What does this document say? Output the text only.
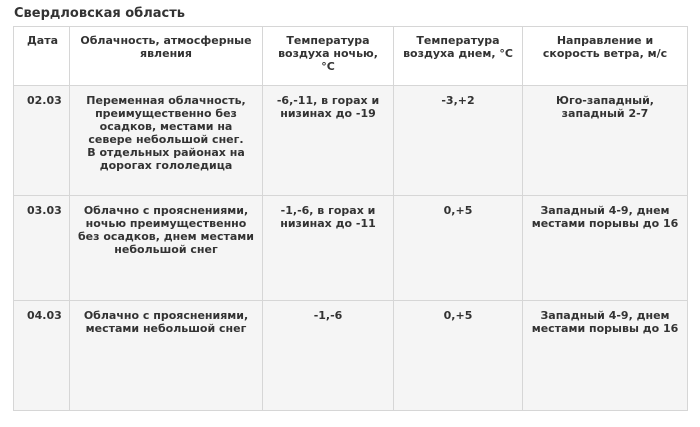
Свердловская область
Дата	Облачность, атмосферные явления	Температура воздуха ночью, °С	Температура воздуха днем, °С	Направление и скорость ветра, м/с

02.03	Переменная облачность, преимущественно без осадков, местами на севере небольшой снег. В отдельных районах на дорогах гололедица	-6,-11, в горах и низинах до -19	-3,+2	Юго-западный, западный 2-7

03.03	Облачно с прояснениями, ночью преимущественно без осадков, днем местами небольшой снег	-1,-6, в горах и низинах до -11	0,+5	Западный 4-9, днем местами порывы до 16

04.03	Облачно с прояснениями, местами небольшой снег	-1,-6	0,+5	Западный 4-9, днем местами порывы до 16
